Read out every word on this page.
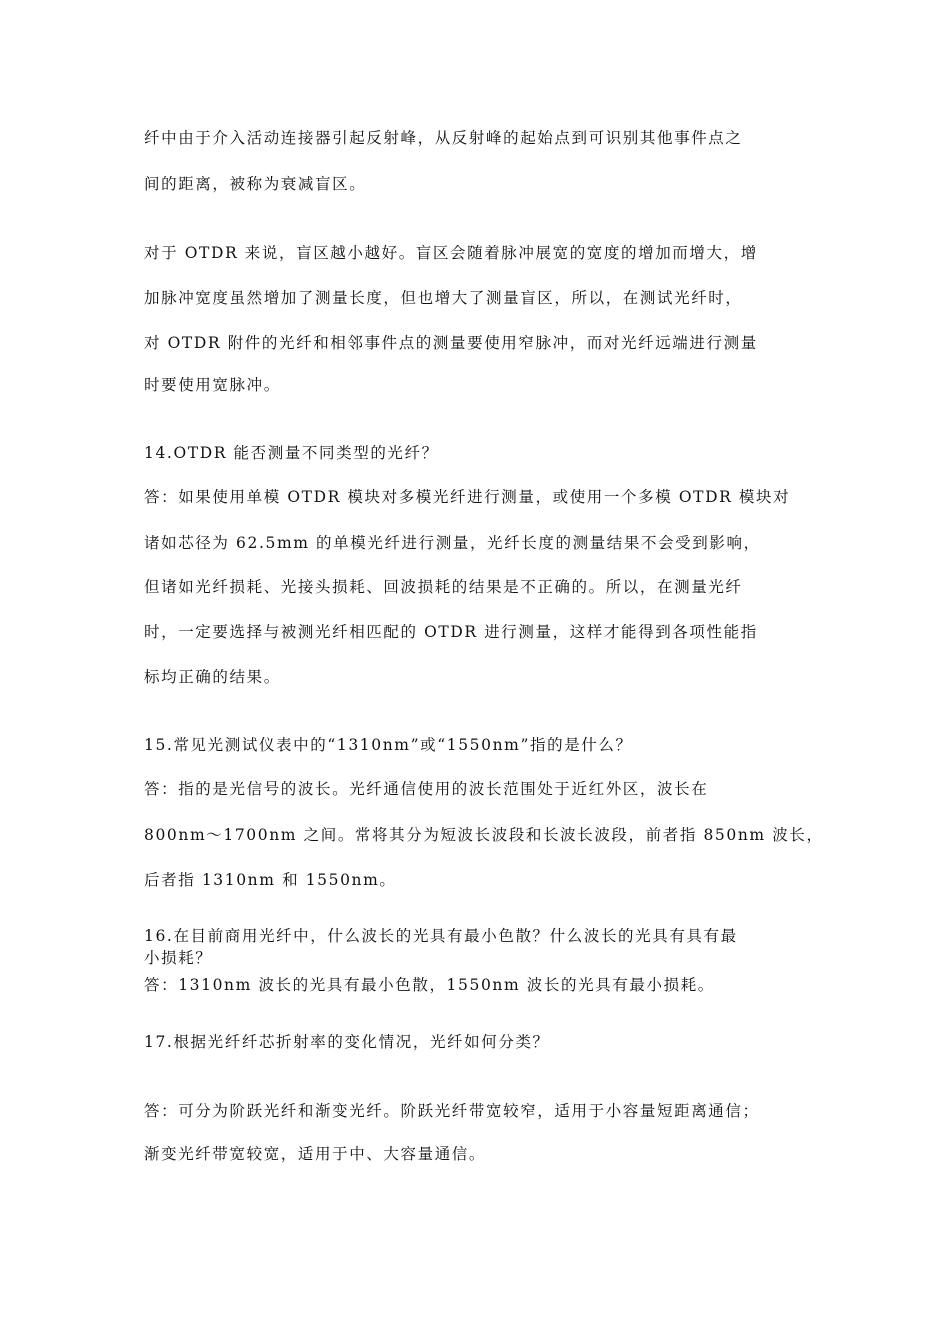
纤中由于介入活动连接器引起反射峰，从反射峰的起始点到可识别其他事件点之
间的距离，被称为衰减盲区。
对于 OTDR 来说，盲区越小越好。盲区会随着脉冲展宽的宽度的增加而增大，增
加脉冲宽度虽然增加了测量长度，但也增大了测量盲区，所以，在测试光纤时，
对 OTDR 附件的光纤和相邻事件点的测量要使用窄脉冲，而对光纤远端进行测量
时要使用宽脉冲。
14.OTDR 能否测量不同类型的光纤？
答：如果使用单模 OTDR 模块对多模光纤进行测量，或使用一个多模 OTDR 模块对
诸如芯径为 62.5mm 的单模光纤进行测量，光纤长度的测量结果不会受到影响，
但诸如光纤损耗、光接头损耗、回波损耗的结果是不正确的。所以，在测量光纤
时，一定要选择与被测光纤相匹配的 OTDR 进行测量，这样才能得到各项性能指
标均正确的结果。
15.常见光测试仪表中的“1310nm”或“1550nm”指的是什么？
答：指的是光信号的波长。光纤通信使用的波长范围处于近红外区，波长在
800nm～1700nm 之间。常将其分为短波长波段和长波长波段，前者指 850nm 波长，
后者指 1310nm 和 1550nm。
16.在目前商用光纤中，什么波长的光具有最小色散？什么波长的光具有具有最
小损耗？
答：1310nm 波长的光具有最小色散，1550nm 波长的光具有最小损耗。
17.根据光纤纤芯折射率的变化情况，光纤如何分类？
答：可分为阶跃光纤和渐变光纤。阶跃光纤带宽较窄，适用于小容量短距离通信；
渐变光纤带宽较宽，适用于中、大容量通信。
